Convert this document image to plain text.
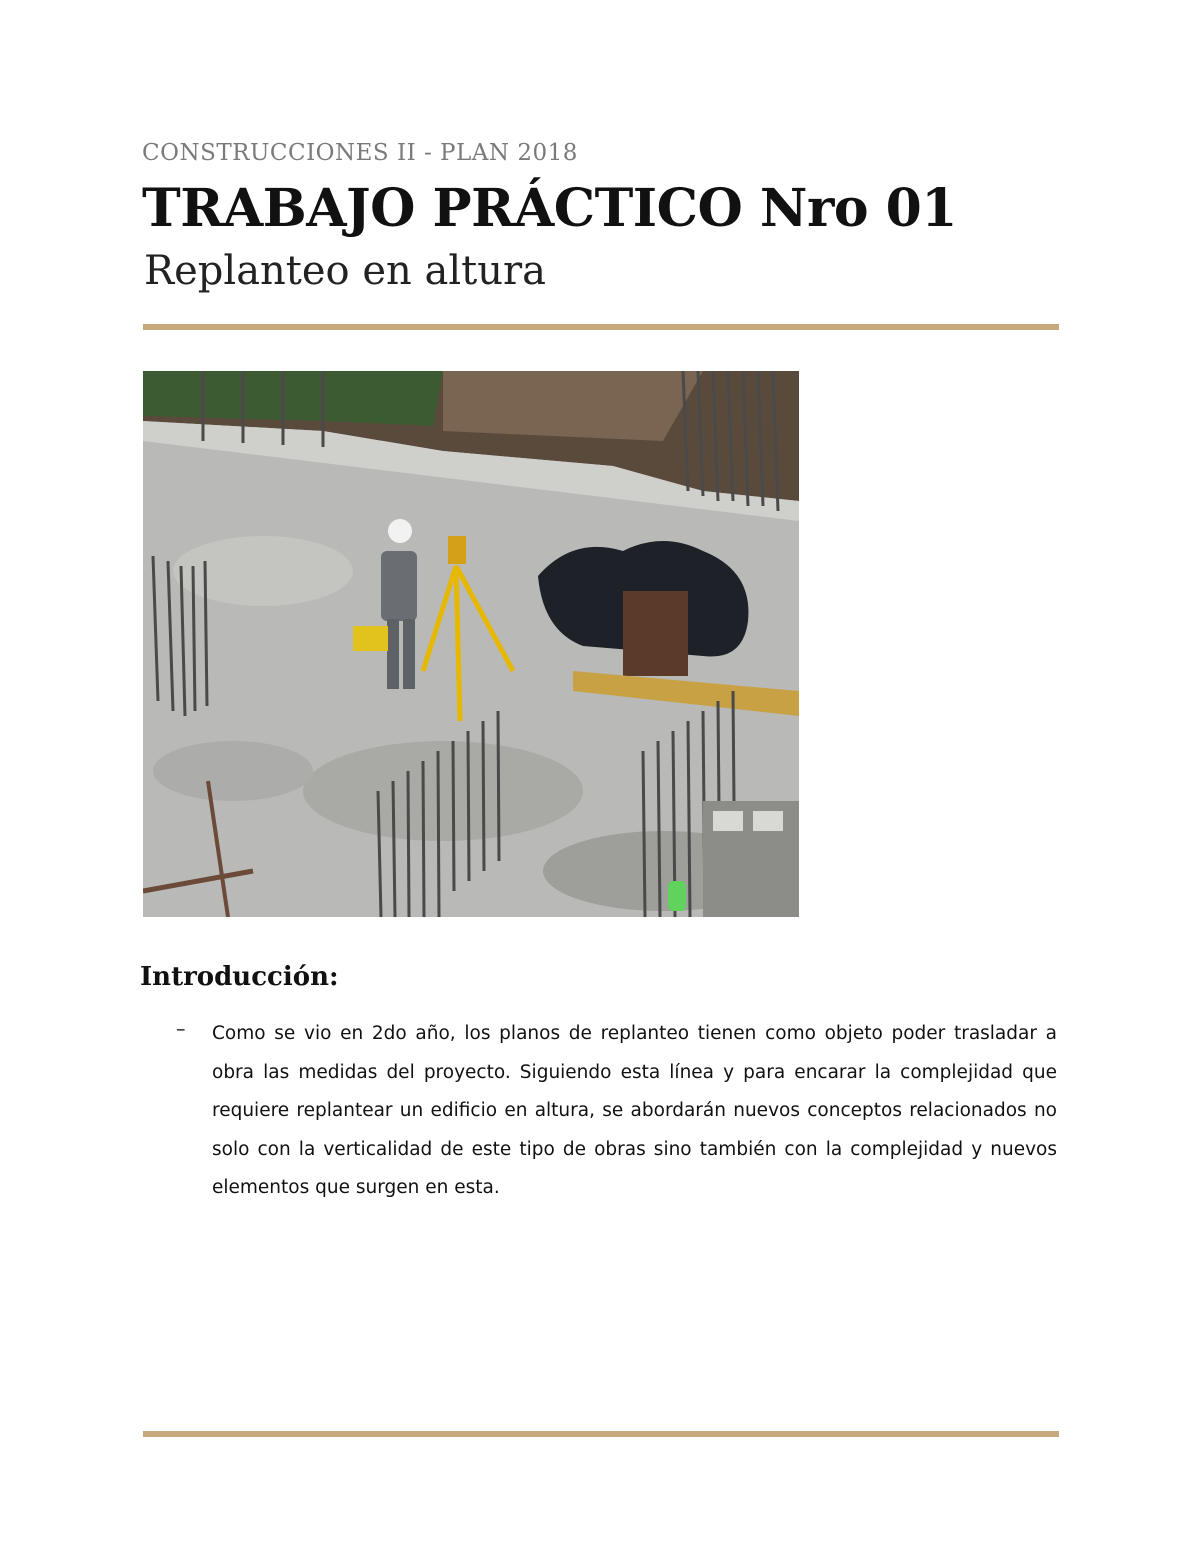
CONSTRUCCIONES II - PLAN 2018
TRABAJO PRÁCTICO Nro 01
Replanteo en altura
Introducción:
– Como se vio en 2do año, los planos de replanteo tienen como objeto poder trasladar a obra las medidas del proyecto. Siguiendo esta línea y para encarar la complejidad que requiere replantear un edificio en altura, se abordarán nuevos conceptos relacionados no solo con la verticalidad de este tipo de obras sino también con la complejidad y nuevos elementos que surgen en esta.
